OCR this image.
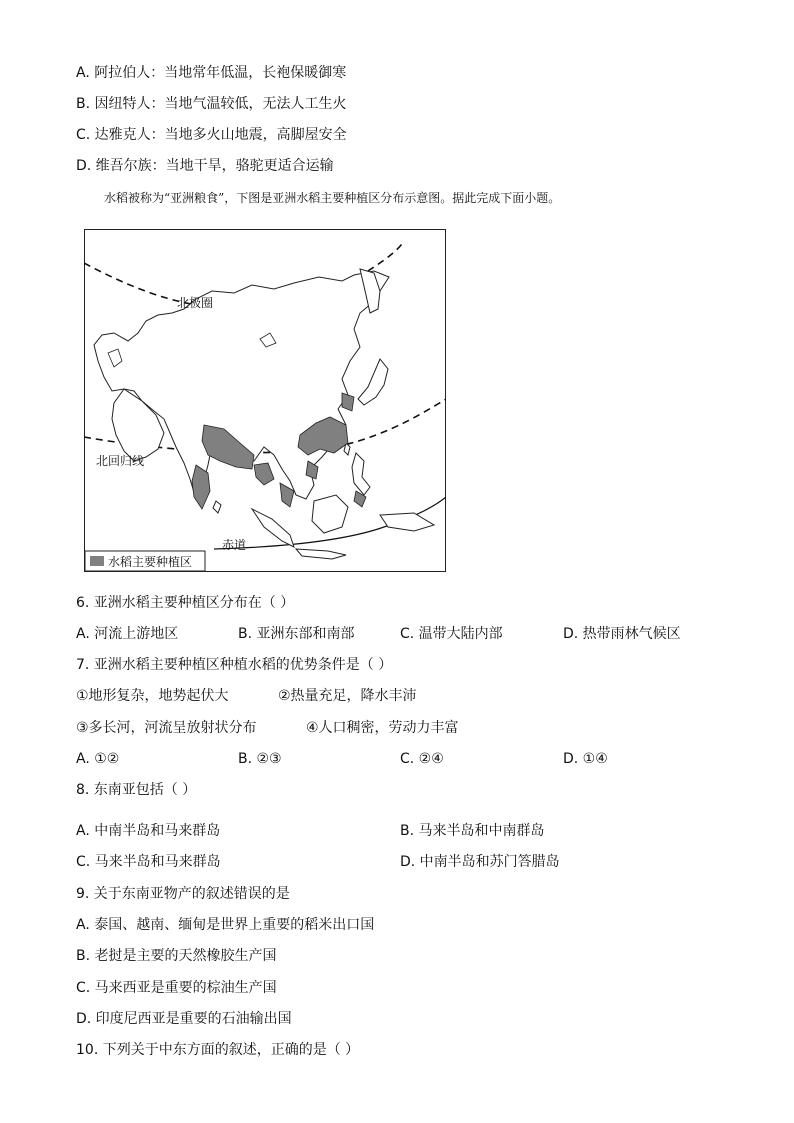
A. 阿拉伯人：当地常年低温，长袍保暖御寒
B. 因纽特人：当地气温较低，无法人工生火
C. 达雅克人：当地多火山地震，高脚屋安全
D. 维吾尔族：当地干旱，骆驼更适合运输
水稻被称为“亚洲粮食”，下图是亚洲水稻主要种植区分布示意图。据此完成下面小题。
北极圈
北回归线
赤道
水稻主要种植区
6. 亚洲水稻主要种植区分布在（ ）
A. 河流上游地区	B. 亚洲东部和南部	C. 温带大陆内部	D. 热带雨林气候区
7. 亚洲水稻主要种植区种植水稻的优势条件是（ ）
①地形复杂，地势起伏大	②热量充足，降水丰沛
③多长河，河流呈放射状分布	④人口稠密，劳动力丰富
A. ①②	B. ②③	C. ②④	D. ①④
8. 东南亚包括（ ）
A. 中南半岛和马来群岛	B. 马来半岛和中南群岛
C. 马来半岛和马来群岛	D. 中南半岛和苏门答腊岛
9. 关于东南亚物产的叙述错误的是
A. 泰国、越南、缅甸是世界上重要的稻米出口国
B. 老挝是主要的天然橡胶生产国
C. 马来西亚是重要的棕油生产国
D. 印度尼西亚是重要的石油输出国
10. 下列关于中东方面的叙述，正确的是（ ）
